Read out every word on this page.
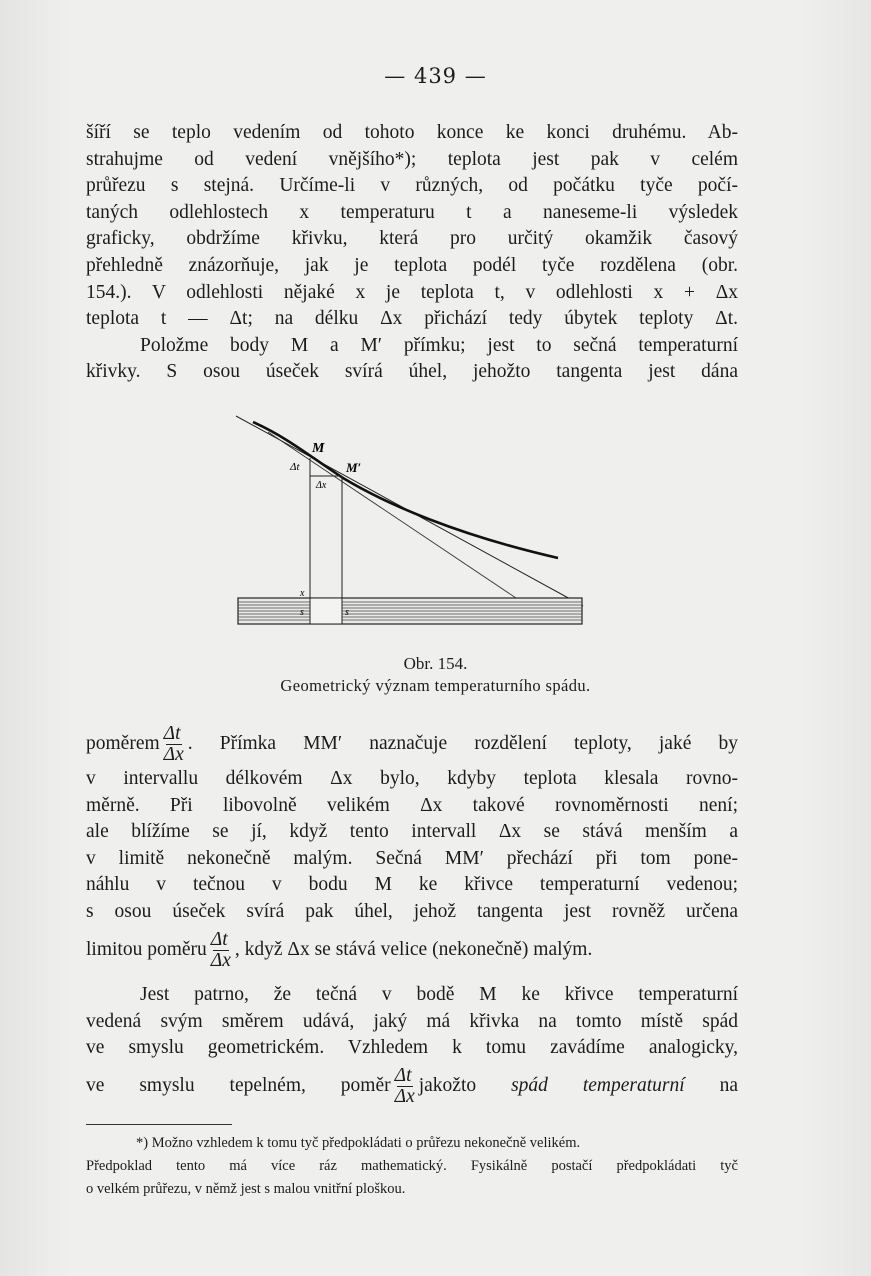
— 439 —
šíří se teplo vedením od tohoto konce ke konci druhému. Ab-
strahujme od vedení vnějšího*); teplota jest pak v celém
průřezu s stejná. Určíme-li v různých, od počátku tyče počí-
taných odlehlostech x temperaturu t a naneseme-li výsledek
graficky, obdržíme křivku, která pro určitý okamžik časový
přehledně znázorňuje, jak je teplota podél tyče rozdělena (obr.
154.). V odlehlosti nějaké x je teplota t, v odlehlosti x + Δx
teplota t — Δt; na délku Δx přichází tedy úbytek teploty Δt.
Položme body M a M′ přímku; jest to sečná temperaturní
křivky. S osou úseček svírá úhel, jehožto tangenta jest dána
M
M′
Δt
Δx
x
s	s
Obr. 154.
Geometrický význam temperaturního spádu.
poměrem $\frac{\Delta t}{\Delta x}$ . Přímka MM′ naznačuje rozdělení teploty, jaké by
v intervallu délkovém Δx bylo, kdyby teplota klesala rovno-
měrně. Při libovolně velikém Δx takové rovnoměrnosti není;
ale blížíme se jí, když tento intervall Δx se stává menším a
v limitě nekonečně malým. Sečná MM′ přechází při tom pone-
náhlu v tečnou v bodu M ke křivce temperaturní vedenou;
s osou úseček svírá pak úhel, jehož tangenta jest rovněž určena
limitou poměru $\frac{\Delta t}{\Delta x}$ , když Δx se stává velice (nekonečně) malým.
Jest patrno, že tečná v bodě M ke křivce temperaturní
vedená svým směrem udává, jaký má křivka na tomto místě spád
ve smyslu geometrickém. Vzhledem k tomu zavádíme analogicky,
ve smyslu tepelném, poměr $\frac{\Delta t}{\Delta x}$ jakožto spád temperaturní na
*) Možno vzhledem k tomu tyč předpokládati o průřezu nekonečně velikém.
Předpoklad tento má více ráz mathematický. Fysikálně postačí předpokládati tyč
o velkém průřezu, v němž jest s malou vnitřní ploškou.
